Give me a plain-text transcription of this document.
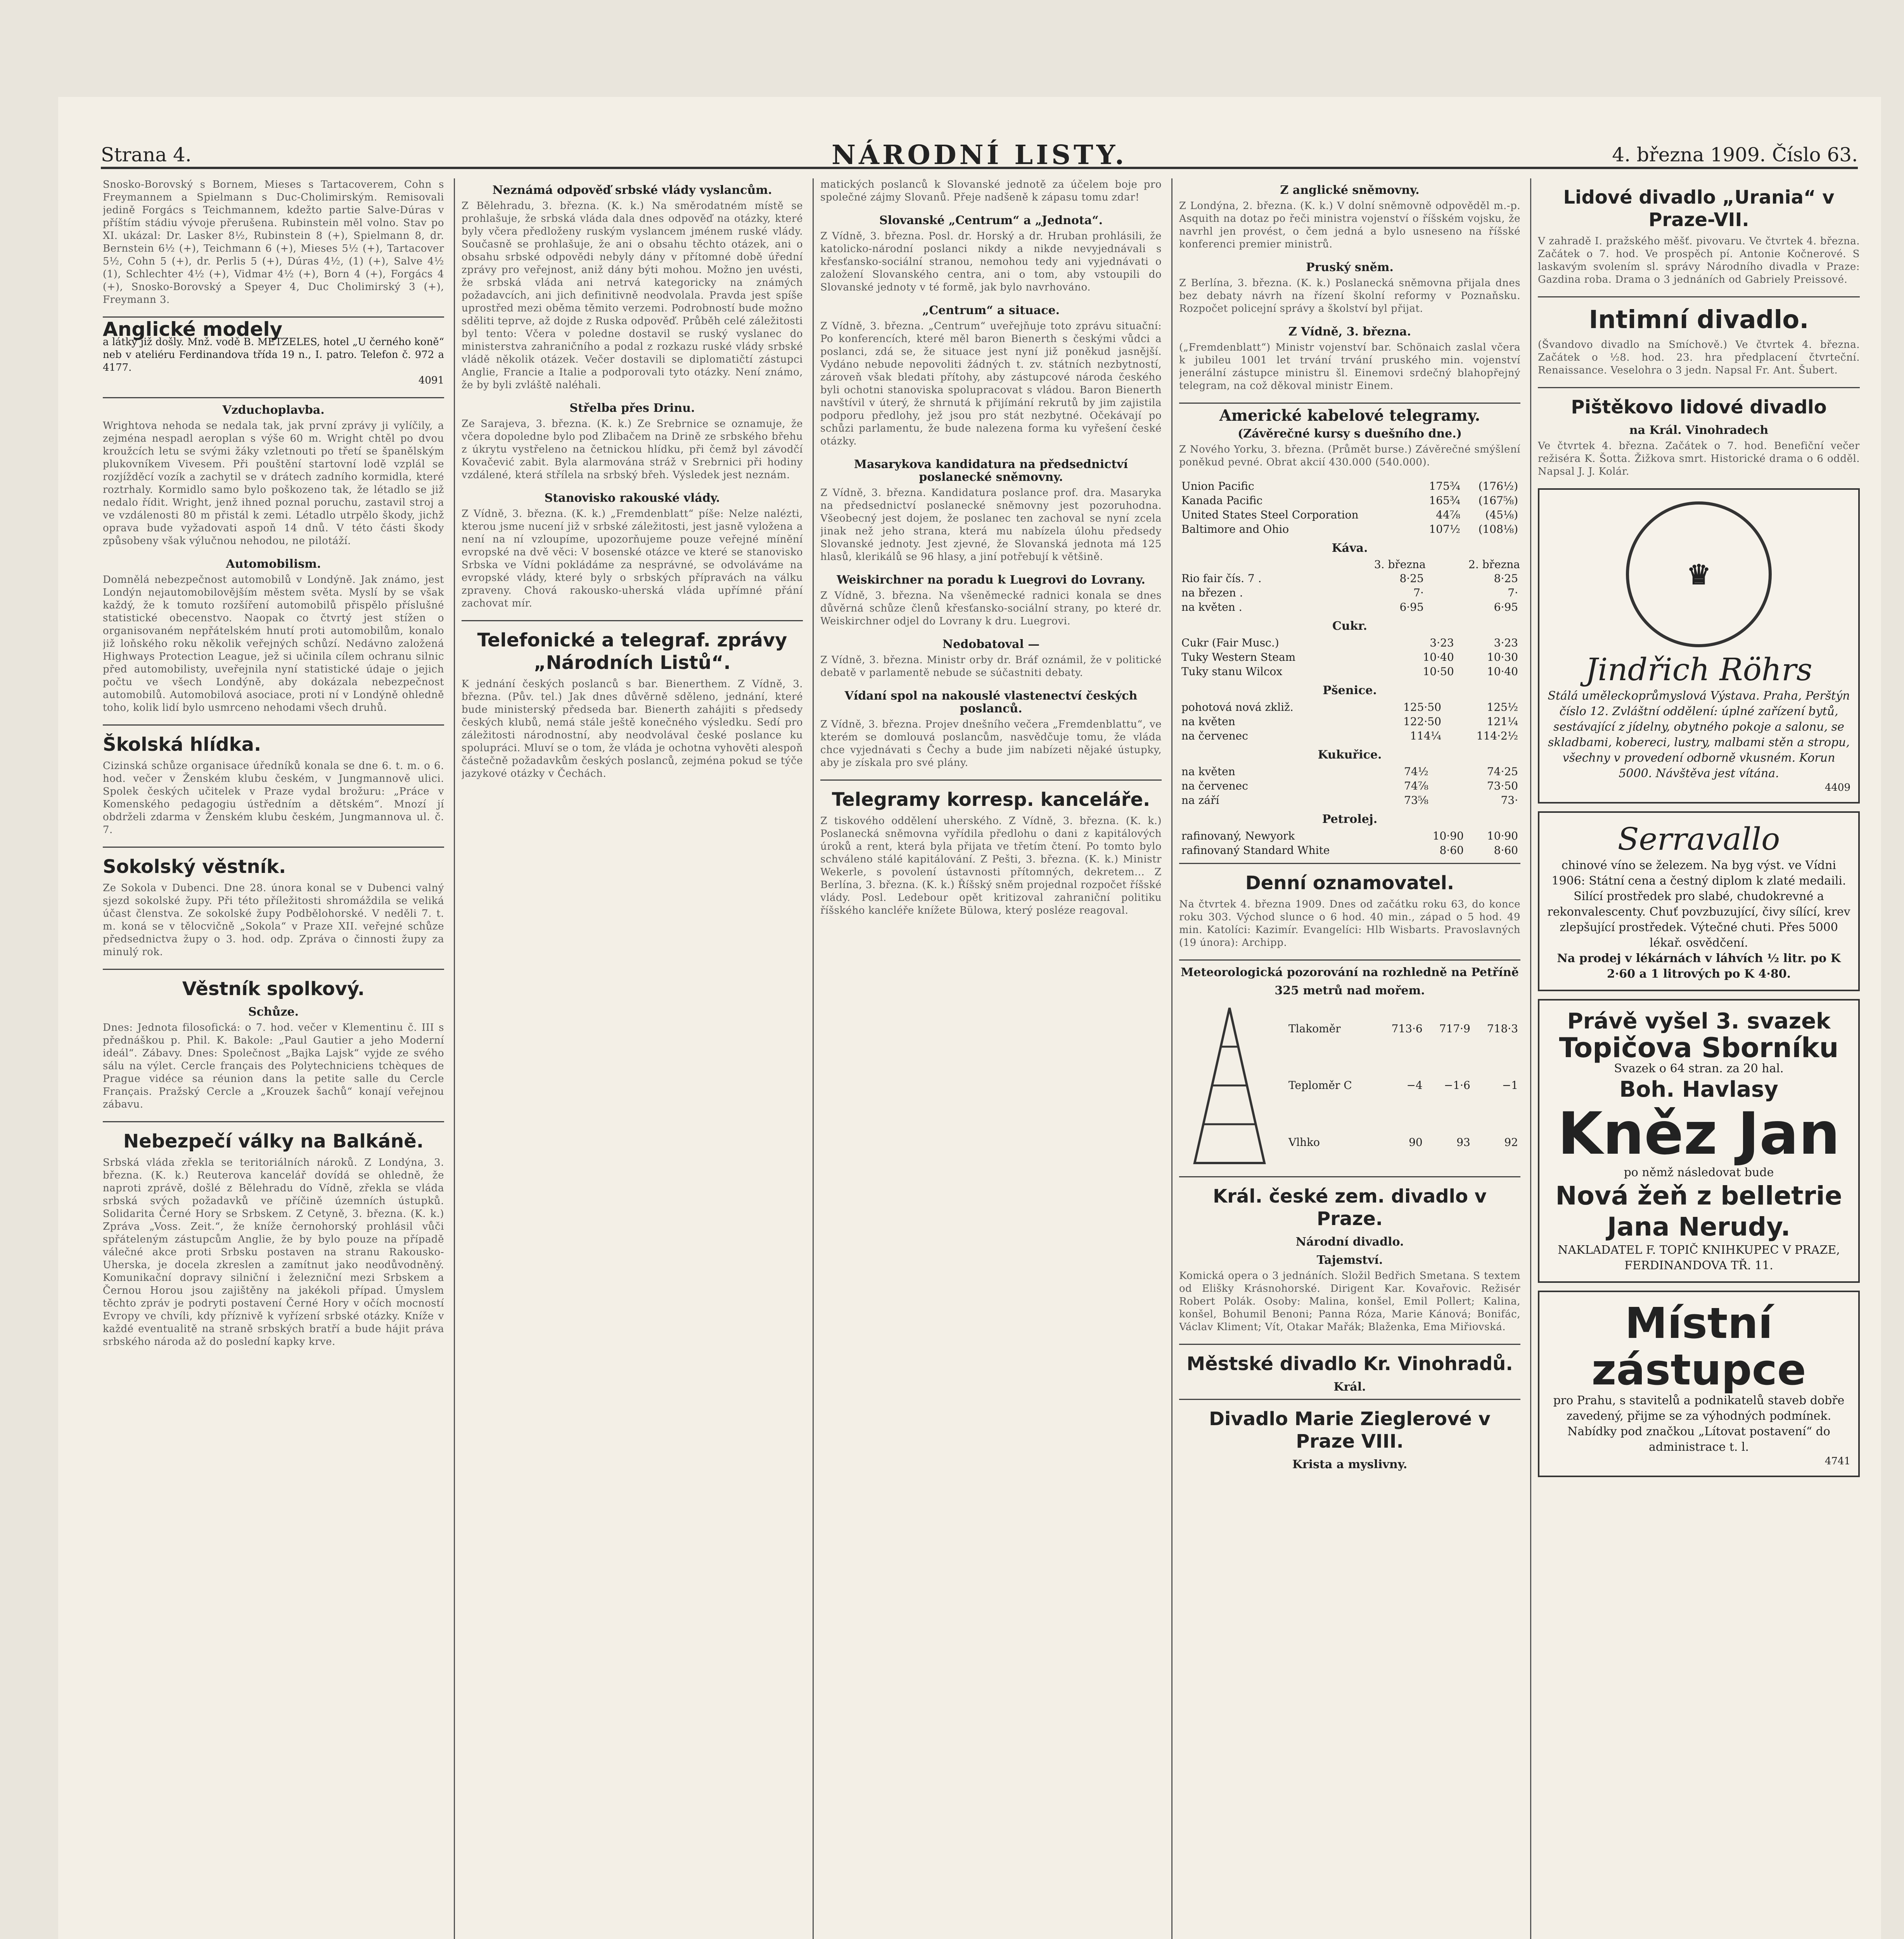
Strana 4.	NÁRODNÍ LISTY.	4. března 1909. Číslo 63.
Snosko-Borovský s Bornem, Mieses s Tartacoverem, Cohn s Freymannem a Spielmann s Duc-Cholimirským. Remisovali jedině Forgács s Teichmannem, kdežto partie Salve-Dúras v příštím stádiu vývoje přerušena. Rubinstein měl volno. Stav po XI. ukázal: Dr. Lasker 8½, Rubinstein 8 (+), Spielmann 8, dr. Bernstein 6½ (+), Teichmann 6 (+), Mieses 5½ (+), Tartacover 5½, Cohn 5 (+), dr. Perlis 5 (+), Dúras 4½, (1) (+), Salve 4½ (1), Schlechter 4½ (+), Vidmar 4½ (+), Born 4 (+), Forgács 4 (+), Snosko-Borovský a Speyer 4, Duc Cholimirský 3 (+), Freymann 3.
Anglické modely
a látky již došly. Mnž. vodě B. METZELES, hotel „U černého koně“ neb v ateliéru Ferdinandova třída 19 n., I. patro. Telefon č. 972 a 4177.
4091
Vzduchoplavba.
Wrightova nehoda se nedala tak, jak první zprávy ji vylíčily, a zejména nespadl aeroplan s výše 60 m. Wright chtěl po dvou kroužcích letu se svými žáky vzletnouti po třetí se španělským plukovníkem Vivesem. Při pouštění startovní lodě vzplál se rozjížděcí vozík a zachytil se v drátech zadního kormidla, které roztrhaly. Kormidlo samo bylo poškozeno tak, že létadlo se již nedalo řídit. Wright, jenž ihned poznal poruchu, zastavil stroj a ve vzdálenosti 80 m přistál k zemi. Létadlo utrpělo škody, jichž oprava bude vyžadovati aspoň 14 dnů. V této části škody způsobeny však výlučnou nehodou, ne pilotáží.
Automobilism.
Domnělá nebezpečnost automobilů v Londýně. Jak známo, jest Londýn nejautomobilovějším městem světa. Myslí by se však každý, že k tomuto rozšíření automobilů přispělo příslušné statistické obecenstvo. Naopak co čtvrtý jest stížen o organisovaném nepřátelském hnutí proti automobilům, konalo již loňského roku několik veřejných schůzí. Nedávno založená Highways Protection League, jež si učinila cílem ochranu silnic před automobilisty, uveřejnila nyní statistické údaje o jejich počtu ve všech Londýně, aby dokázala nebezpečnost automobilů. Automobilová asociace, proti ní v Londýně ohledně toho, kolik lidí bylo usmrceno nehodami všech druhů.
Školská hlídka.
Cizinská schůze organisace úředníků konala se dne 6. t. m. o 6. hod. večer v Ženském klubu českém, v Jungmannově ulici. Spolek českých učitelek v Praze vydal brožuru: „Práce v Komenského pedagogiu ústředním a dětském“. Mnozí jí obdrželi zdarma v Ženském klubu českém, Jungmannova ul. č. 7.
Sokolský věstník.
Ze Sokola v Dubenci. Dne 28. února konal se v Dubenci valný sjezd sokolské župy. Při této příležitosti shromáždila se veliká účast členstva. Ze sokolské župy Podbělohorské. V neděli 7. t. m. koná se v tělocvičně „Sokola“ v Praze XII. veřejné schůze předsednictva župy o 3. hod. odp. Zpráva o činnosti župy za minulý rok.
Věstník spolkový.
Schůze.
Dnes: Jednota filosofická: o 7. hod. večer v Klementinu č. III s přednáškou p. Phil. K. Bakole: „Paul Gautier a jeho Moderní ideál“. Zábavy. Dnes: Společnost „Bajka Lajsk“ vyjde ze svého sálu na výlet. Cercle français des Polytechniciens tchèques de Prague vidéce sa réunion dans la petite salle du Cercle Français. Pražský Cercle a „Krouzek šachů“ konají veřejnou zábavu.
Nebezpečí války na Balkáně.
Srbská vláda zřekla se teritoriálních nároků. Z Londýna, 3. března. (K. k.) Reuterova kancelář dovídá se ohledně, že naproti zprávě, došlé z Bělehradu do Vídně, zřekla se vláda srbská svých požadavků ve příčině územních ústupků. Solidarita Černé Hory se Srbskem. Z Cetyně, 3. března. (K. k.) Zpráva „Voss. Zeit.“, že kníže černohorský prohlásil vůči spřáteleným zástupcům Anglie, že by bylo pouze na případě válečné akce proti Srbsku postaven na stranu Rakousko-Uherska, je docela zkreslen a zamítnut jako neodůvodněný. Komunikační dopravy silniční i železniční mezi Srbskem a Černou Horou jsou zajištěny na jakékoli případ. Úmyslem těchto zpráv je podryti postavení Černé Hory v očích mocností Evropy ve chvíli, kdy příznivě k vyřízení srbské otázky. Kníže v každé eventualitě na straně srbských bratří a bude hájit práva srbského národa až do poslední kapky krve.
Neznámá odpověď srbské vlády vyslancům.
Z Bělehradu, 3. března. (K. k.) Na směrodatném místě se prohlašuje, že srbská vláda dala dnes odpověď na otázky, které byly včera předloženy ruským vyslancem jménem ruské vlády. Současně se prohlašuje, že ani o obsahu těchto otázek, ani o obsahu srbské odpovědi nebyly dány v přítomné době úřední zprávy pro veřejnost, aniž dány býti mohou. Možno jen uvésti, že srbská vláda ani netrvá kategoricky na známých požadavcích, ani jich definitivně neodvolala. Pravda jest spíše uprostřed mezi oběma těmito verzemi. Podrobností bude možno sděliti teprve, až dojde z Ruska odpověď. Průběh celé záležitosti byl tento: Včera v poledne dostavil se ruský vyslanec do ministerstva zahraničního a podal z rozkazu ruské vlády srbské vládě několik otázek. Večer dostavili se diplomatičtí zástupci Anglie, Francie a Italie a podporovali tyto otázky. Není známo, že by byli zvláště naléhali.
Střelba přes Drinu.
Ze Sarajeva, 3. března. (K. k.) Ze Srebrnice se oznamuje, že včera dopoledne bylo pod Zlibačem na Drině ze srbského břehu z úkrytu vystřeleno na četnickou hlídku, při čemž byl závodčí Kovačević zabit. Byla alarmována stráž v Srebrnici při hodiny vzdálené, která střílela na srbský břeh. Výsledek jest neznám.
Stanovisko rakouské vlády.
Z Vídně, 3. března. (K. k.) „Fremdenblatt“ píše: Nelze nalézti, kterou jsme nucení již v srbské záležitosti, jest jasně vyložena a není na ní vzloupíme, upozorňujeme pouze veřejné mínění evropské na dvě věci: V bosenské otázce ve které se stanovisko Srbska ve Vídni pokládáme za nesprávné, se odvoláváme na evropské vlády, které byly o srbských přípravách na válku zpraveny. Chová rakousko-uherská vláda upřímné přání zachovat mír.
Telefonické a telegraf. zprávy „Národních Listů“.
K jednání českých poslanců s bar. Bienerthem. Z Vídně, 3. března. (Pův. tel.) Jak dnes důvěrně sděleno, jednání, které bude ministerský předseda bar. Bienerth zahájiti s předsedy českých klubů, nemá stále ještě konečného výsledku. Sedí pro záležitosti národnostní, aby neodvolával české poslance ku spolupráci. Mluví se o tom, že vláda je ochotna vyhověti alespoň částečně požadavkům českých poslanců, zejména pokud se týče jazykové otázky v Čechách.
matických poslanců k Slovanské jednotě za účelem boje pro společné zájmy Slovanů. Přeje nadšeně k zápasu tomu zdar!
Slovanské „Centrum“ a „Jednota“.
Z Vídně, 3. března. Posl. dr. Horský a dr. Hruban prohlásili, že katolicko-národní poslanci nikdy a nikde nevyjednávali s křesťansko-sociální stranou, nemohou tedy ani vyjednávati o založení Slovanského centra, ani o tom, aby vstoupili do Slovanské jednoty v té formě, jak bylo navrhováno.
„Centrum“ a situace.
Z Vídně, 3. března. „Centrum“ uveřejňuje toto zprávu situační: Po konferencích, které měl baron Bienerth s českými vůdci a poslanci, zdá se, že situace jest nyní již poněkud jasnější. Vydáno nebude nepovoliti žádných t. zv. státních nezbytností, zároveň však bledati přítohy, aby zástupcové národa českého byli ochotni stanoviska spolupracovat s vládou. Baron Bienerth navštívil v úterý, že shrnutá k přijímání rekrutů by jim zajistila podporu předlohy, jež jsou pro stát nezbytné. Očekávají po schůzi parlamentu, že bude nalezena forma ku vyřešení české otázky.
Masarykova kandidatura na předsednictví poslanecké sněmovny.
Z Vídně, 3. března. Kandidatura poslance prof. dra. Masaryka na předsednictví poslanecké sněmovny jest pozoruhodna. Všeobecný jest dojem, že poslanec ten zachoval se nyní zcela jinak než jeho strana, která mu nabízela úlohu předsedy Slovanské jednoty. Jest zjevné, že Slovanská jednota má 125 hlasů, klerikálů se 96 hlasy, a jiní potřebují k většině.
Weiskirchner na poradu k Luegrovi do Lovrany.
Z Vídně, 3. března. Na všeněmecké radnici konala se dnes důvěrná schůze členů křesťansko-sociální strany, po které dr. Weiskirchner odjel do Lovrany k dru. Luegrovi.
Nedobatoval —
Z Vídně, 3. března. Ministr orby dr. Bráf oznámil, že v politické debatě v parlamentě nebude se súčastniti debaty.
Vídaní spol na nakouslé vlastenectví českých poslanců.
Z Vídně, 3. března. Projev dnešního večera „Fremdenblattu“, ve kterém se domlouvá poslancům, nasvědčuje tomu, že vláda chce vyjednávati s Čechy a bude jim nabízeti nějaké ústupky, aby je získala pro své plány.
Telegramy korresp. kanceláře.
Z tiskového oddělení uherského. Z Vídně, 3. března. (K. k.) Poslanecká sněmovna vyřídila předlohu o dani z kapitálových úroků a rent, která byla přijata ve třetím čtení. Po tomto bylo schváleno stálé kapitálování. Z Pešti, 3. března. (K. k.) Ministr Wekerle, s povolení ústavnosti přítomných, dekretem... Z Berlína, 3. března. (K. k.) Říšský sněm projednal rozpočet říšské vlády. Posl. Ledebour opět kritizoval zahraniční politiku říšského kancléře knížete Bülowa, který posléze reagoval.
Z anglické sněmovny.
Z Londýna, 2. března. (K. k.) V dolní sněmovně odpověděl m.-p. Asquith na dotaz po řeči ministra vojenství o říšském vojsku, že navrhl jen provést, o čem jedná a bylo usneseno na říšské konferenci premier ministrů.
Pruský sněm.
Z Berlína, 3. března. (K. k.) Poslanecká sněmovna přijala dnes bez debaty návrh na řízení školní reformy v Poznaňsku. Rozpočet policejní správy a školství byl přijat.
Z Vídně, 3. března.
(„Fremdenblatt“) Ministr vojenství bar. Schönaich zaslal včera k jubileu 1001 let trvání trvání pruského min. vojenství jenerální zástupce ministru šl. Einemovi srdečný blahopřejný telegram, na což děkoval ministr Einem.
Americké kabelové telegramy.
(Závěrečné kursy s duešního dne.)
Z Nového Yorku, 3. března. (Průmět burse.) Závěrečné smýšlení poněkud pevné. Obrat akcií 430.000 (540.000).
Union Pacific	175¾	(176½)
Kanada Pacific	165¾	(167⅝)
United States Steel Corporation	44⅞	(45⅛)
Baltimore and Ohio	107½	(108⅛)
Káva.
	3. března	2. března
Rio fair čís. 7 .	8·25	8·25
na březen .	7·	7·
na květen .	6·95	6·95
Cukr.
Cukr (Fair Musc.)	3·23	3·23
Tuky Western Steam	10·40	10·30
Tuky stanu Wilcox	10·50	10·40
Pšenice.
pohotová nová zkliž.	125·50	125½
na květen	122·50	121¼
na červenec	114¼	114·2½
Kukuřice.
na květen	74½	74·25
na červenec	74⅞	73·50
na září	73⅝	73·
Petrolej.
rafinovaný, Newyork	10·90	10·90
rafinovaný Standard White	8·60	8·60
Denní oznamovatel.
Na čtvrtek 4. března 1909. Dnes od začátku roku 63, do konce roku 303. Východ slunce o 6 hod. 40 min., západ o 5 hod. 49 min. Katolíci: Kazimír. Evangelíci: Hlb Wisbarts. Pravoslavných (19 února): Archipp.
Meteorologická pozorování na rozhledně na Petříně
325 metrů nad mořem.
Tlakoměr	713·6	717·9	718·3
Teploměr C	−4	−1·6	−1
Vlhko	90	93	92
Král. české zem. divadlo v Praze.
Národní divadlo.
Tajemství.
Komická opera o 3 jednáních. Složil Bedřich Smetana. S textem od Elišky Krásnohorské. Dirigent Kar. Kovařovic. Režisér Robert Polák. Osoby: Malina, konšel, Emil Pollert; Kalina, konšel, Bohumil Benoni; Panna Róza, Marie Kánová; Bonifác, Václav Kliment; Vít, Otakar Mařák; Blaženka, Ema Miřiovská.
Městské divadlo Kr. Vinohradů.
Král.
Divadlo Marie Zieglerové v Praze VIII.
Krista a myslivny.
Lidové divadlo „Urania“ v Praze-VII.
V zahradě I. pražského měšť. pivovaru. Ve čtvrtek 4. března. Začátek o 7. hod. Ve prospěch pí. Antonie Kočnerové. S laskavým svolením sl. správy Národního divadla v Praze: Gazdina roba. Drama o 3 jednáních od Gabriely Preissové.
Intimní divadlo.
(Švandovo divadlo na Smíchově.) Ve čtvrtek 4. března. Začátek o ½8. hod. 23. hra předplacení čtvrteční. Renaissance. Veselohra o 3 jedn. Napsal Fr. Ant. Šubert.
Pištěkovo lidové divadlo
na Král. Vinohradech
Ve čtvrtek 4. března. Začátek o 7. hod. Benefiční večer režiséra K. Šotta. Žižkova smrt. Historické drama o 6 odděl. Napsal J. J. Kolár.
♛
Jindřich Röhrs
Stálá uměleckoprůmyslová Výstava. Praha, Perštýn číslo 12. Zvláštní oddělení: úplné zařízení bytů, sestávající z jídelny, obytného pokoje a salonu, se skladbami, kobereci, lustry, malbami stěn a stropu, všechny v provedení odborně vkusném. Korun 5000. Návštěva jest vítána.
4409
Serravallo
chinové víno se železem. Na byg výst. ve Vídni 1906: Státní cena a čestný diplom k zlaté medaili. Silící prostředek pro slabé, chudokrevné a rekonvalescenty. Chuť povzbuzující, čivy sílící, krev zlepšující prostředek. Výtečné chuti. Přes 5000 lékař. osvědčení.
Na prodej v lékárnách v láhvích ½ litr. po K 2·60 a 1 litrových po K 4·80.
Právě vyšel 3. svazek
Topičova Sborníku
Svazek o 64 stran. za 20 hal.
Boh. Havlasy
Kněz Jan
po němž následovat bude
Nová žeň z belletrie Jana Nerudy.
NAKLADATEL F. TOPIČ KNIHKUPEC V PRAZE, FERDINANDOVA TŘ. 11.
Místní zástupce
pro Prahu, s stavitelů a podnikatelů staveb dobře zavedený, přijme se za výhodných podmínek. Nabídky pod značkou „Lítovat postavení“ do administrace t. l.
4741
